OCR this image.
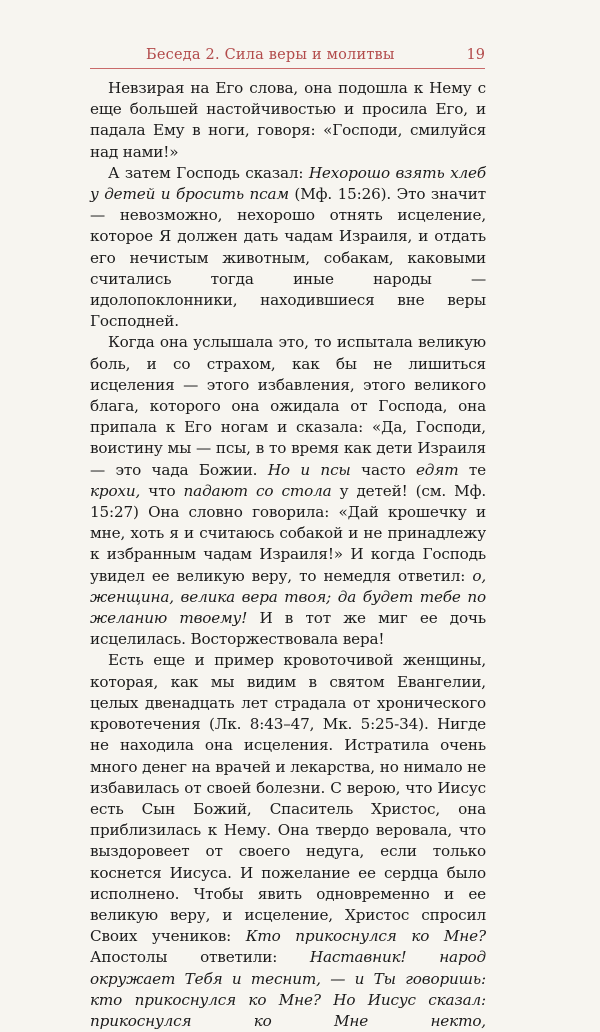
Беседа 2. Сила веры и молитвы	19

Невзирая на Его слова, она подошла к Нему с еще большей настойчивостью и просила Его, и падала Ему в ноги, говоря: «Господи, смилуйся над нами!»

А затем Господь сказал: Нехорошо взять хлеб у детей и бросить псам (Мф. 15:26). Это значит — невозможно, нехорошо отнять исцеление, которое Я должен дать чадам Израиля, и отдать его нечистым животным, собакам, каковыми считались тогда иные народы — идолопоклонники, находившиеся вне веры Господней.

Когда она услышала это, то испытала великую боль, и со страхом, как бы не лишиться исцеления — этого избавления, этого великого блага, которого она ожидала от Господа, она припала к Его ногам и сказала: «Да, Господи, воистину мы — псы, в то время как дети Израиля — это чада Божии. Но и псы часто едят те крохи, что падают со стола у детей! (см. Мф. 15:27) Она словно говорила: «Дай крошечку и мне, хоть я и считаюсь собакой и не принадлежу к избранным чадам Израиля!» И когда Господь увидел ее великую веру, то немедля ответил: о, женщина, велика вера твоя; да будет тебе по желанию твоему! И в тот же миг ее дочь исцелилась. Восторжествовала вера!

Есть еще и пример кровоточивой женщины, которая, как мы видим в святом Евангелии, целых двенадцать лет страдала от хронического кровотечения (Лк. 8:43–47, Мк. 5:25-34). Нигде не находила она исцеления. Истратила очень много денег на врачей и лекарства, но нимало не избавилась от своей болезни. С верою, что Иисус есть Сын Божий, Спаситель Христос, она приблизилась к Нему. Она твердо веровала, что выздоровеет от своего недуга, если только коснется Иисуса. И пожелание ее сердца было исполнено. Чтобы явить одновременно и ее великую веру, и исцеление, Христос спросил Своих учеников: Кто прикоснулся ко Мне? Апостолы ответили: Наставник! народ окружает Тебя и теснит, — и Ты говоришь: кто прикоснулся ко Мне? Но Иисус сказал: прикоснулся ко Мне некто,
